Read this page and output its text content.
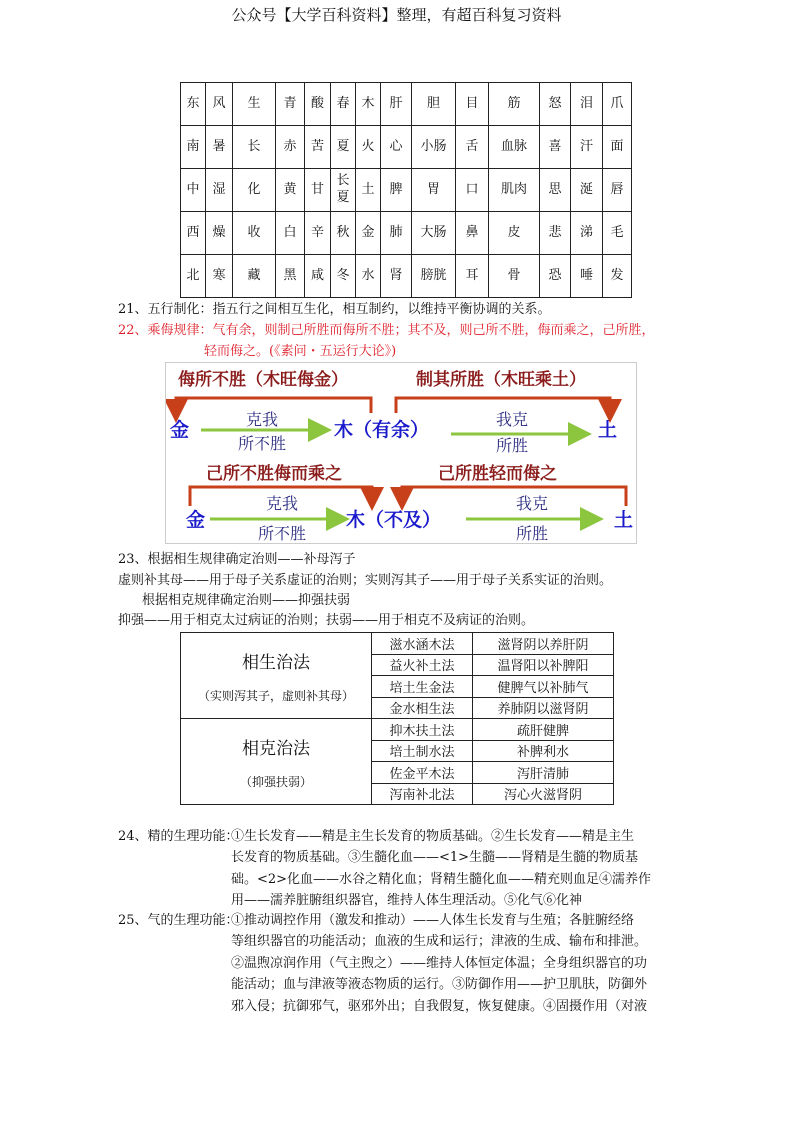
公众号【大学百科资料】整理，有超百科复习资料
东	风	生	青	酸	春	木	肝	胆	目	筋	怒	泪	爪
南	暑	长	赤	苦	夏	火	心	小肠	舌	血脉	喜	汗	面
中	湿	化	黄	甘	长夏	土	脾	胃	口	肌肉	思	涎	唇
西	燥	收	白	辛	秋	金	肺	大肠	鼻	皮	悲	涕	毛
北	寒	藏	黑	咸	冬	水	肾	膀胱	耳	骨	恐	唾	发
21、五行制化：指五行之间相互生化，相互制约，以维持平衡协调的关系。
22、乘侮规律：气有余，则制己所胜而侮所不胜；其不及，则己所不胜，侮而乘之，己所胜，
轻而侮之。(《素问・五运行大论》)
侮所不胜（木旺侮金）	制其所胜（木旺乘土）
己所不胜侮而乘之	己所胜轻而侮之
金	木（有余）	土
金	木（不及）	土
克我
所不胜
我克
所胜
克我
所不胜
我克
所胜
23、根据相生规律确定治则——补母泻子
虚则补其母——用于母子关系虚证的治则；实则泻其子——用于母子关系实证的治则。
根据相克规律确定治则——抑强扶弱
抑强——用于相克太过病证的治则；扶弱——用于相克不及病证的治则。
相生治法
（实则泻其子，虚则补其母）	滋水涵木法	滋肾阴以养肝阴
	益火补土法	温肾阳以补脾阳
	培土生金法	健脾气以补肺气
	金水相生法	养肺阴以滋肾阴

相克治法
（抑强扶弱）	抑木扶土法	疏肝健脾
	培土制水法	补脾利水
	佐金平木法	泻肝清肺
	泻南补北法	泻心火滋肾阴
24、精的生理功能：
①生长发育——精是主生长发育的物质基础。②生长发育——精是主生
长发育的物质基础。③生髓化血——<1>生髓——肾精是生髓的物质基
础。<2>化血——水谷之精化血；肾精生髓化血——精充则血足④濡养作
用——濡养脏腑组织器官，维持人体生理活动。⑤化气⑥化神
25、气的生理功能：
①推动调控作用（激发和推动）——人体生长发育与生殖；各脏腑经络
等组织器官的功能活动；血液的生成和运行；津液的生成、输布和排泄。
②温煦凉润作用（气主煦之）——维持人体恒定体温；全身组织器官的功
能活动；血与津液等液态物质的运行。③防御作用——护卫肌肤，防御外
邪入侵；抗御邪气，驱邪外出；自我假复，恢复健康。④固摄作用（对液
